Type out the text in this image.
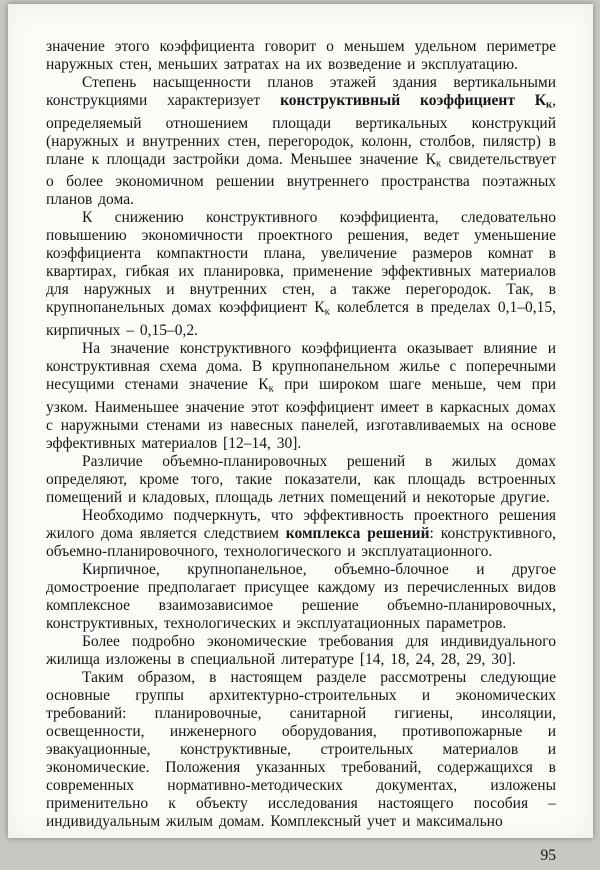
значение этого коэффициента говорит о меньшем удельном периметре наружных стен, меньших затратах на их возведение и эксплуатацию.

Степень насыщенности планов этажей здания вертикальными конструкциями характеризует конструктивный коэффициент Кк, определяемый отношением площади вертикальных конструкций (наружных и внутренних стен, перегородок, колонн, столбов, пилястр) в плане к площади застройки дома. Меньшее значение Кк свидетельствует о более экономичном решении внутреннего пространства поэтажных планов дома.

К снижению конструктивного коэффициента, следовательно повышению экономичности проектного решения, ведет уменьшение коэффициента компактности плана, увеличение размеров комнат в квартирах, гибкая их планировка, применение эффективных материалов для наружных и внутренних стен, а также перегородок. Так, в крупнопанельных домах коэффициент Кк колеблется в пределах 0,1–0,15, кирпичных – 0,15–0,2.

На значение конструктивного коэффициента оказывает влияние и конструктивная схема дома. В крупнопанельном жилье с поперечными несущими стенами значение Кк при широком шаге меньше, чем при узком. Наименьшее значение этот коэффициент имеет в каркасных домах с наружными стенами из навесных панелей, изготавливаемых на основе эффективных материалов [12–14, 30].

Различие объемно-планировочных решений в жилых домах определяют, кроме того, такие показатели, как площадь встроенных помещений и кладовых, площадь летних помещений и некоторые другие.

Необходимо подчеркнуть, что эффективность проектного решения жилого дома является следствием комплекса решений: конструктивного, объемно-планировочного, технологического и эксплуатационного.

Кирпичное, крупнопанельное, объемно-блочное и другое домостроение предполагает присущее каждому из перечисленных видов комплексное взаимозависимое решение объемно-планировочных, конструктивных, технологических и эксплуатационных параметров.

Более подробно экономические требования для индивидуального жилища изложены в специальной литературе [14, 18, 24, 28, 29, 30].

Таким образом, в настоящем разделе рассмотрены следующие основные группы архитектурно-строительных и экономических требований: планировочные, санитарной гигиены, инсоляции, освещенности, инженерного оборудования, противопожарные и эвакуационные, конструктивные, строительных материалов и экономические. Положения указанных требований, содержащихся в современных нормативно-методических документах, изложены применительно к объекту исследования настоящего пособия – индивидуальным жилым домам. Комплексный учет и максимально

95
